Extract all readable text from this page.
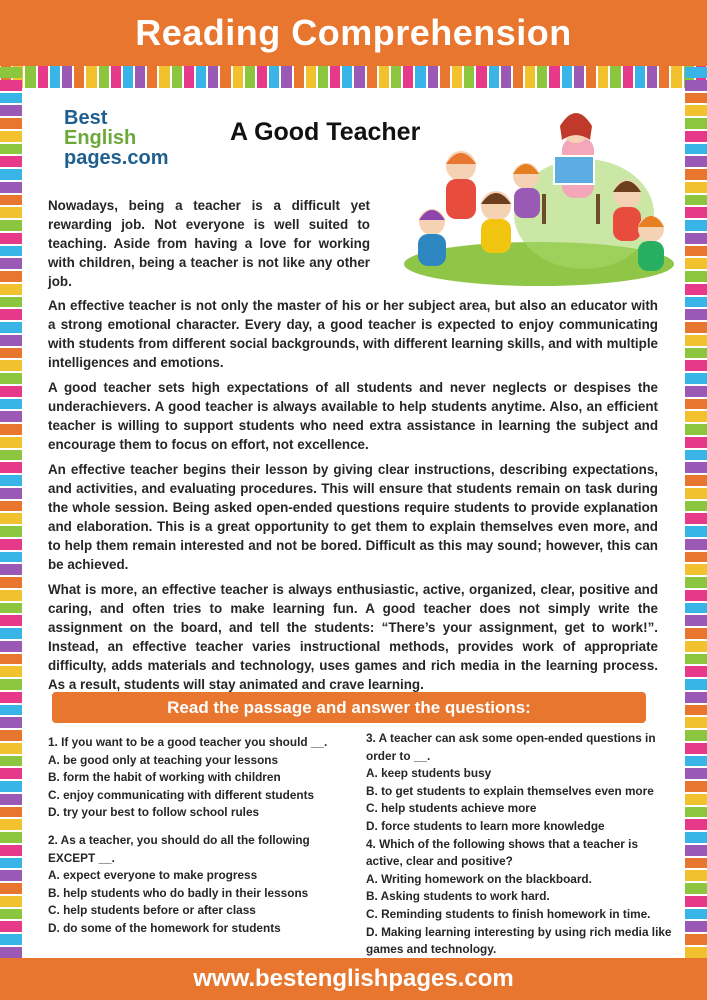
Reading Comprehension
Best
English
pages.com
A Good Teacher
Nowadays, being a teacher is a difficult yet rewarding job. Not everyone is well suited to teaching. Aside from having a love for working with children, being a teacher is not like any other job.
An effective teacher is not only the master of his or her subject area, but also an educator with a strong emotional character. Every day, a good teacher is expected to enjoy communicating with students from different social backgrounds, with different learning skills, and with multiple intelligences and emotions.
A good teacher sets high expectations of all students and never neglects or despises the underachievers. A good teacher is always available to help students anytime. Also, an efficient teacher is willing to support students who need extra assistance in learning the subject and encourage them to focus on effort, not excellence.
An effective teacher begins their lesson by giving clear instructions, describing expectations, and activities, and evaluating procedures. This will ensure that students remain on task during the whole session. Being asked open-ended questions require students to provide explanation and elaboration. This is a great opportunity to get them to explain themselves even more, and to help them remain interested and not be bored. Difficult as this may sound; however, this can be achieved.
What is more, an effective teacher is always enthusiastic, active, organized, clear, positive and caring, and often tries to make learning fun. A good teacher does not simply write the assignment on the board, and tell the students: “There’s your assignment, get to work!”. Instead, an effective teacher varies instructional methods, provides work of appropriate difficulty, adds materials and technology, uses games and rich media in the learning process. As a result, students will stay animated and crave learning.
Read the passage and answer the questions:

1. If you want to be a good teacher you should __.

A. be good only at teaching your lessons

B. form the habit of working with children

C. enjoy communicating with different students

D. try your best to follow school rules

2. As a teacher, you should do all the following EXCEPT __.

A. expect everyone to make progress

B. help students who do badly in their lessons

C. help students before or after class

D. do some of the homework for students

3. A teacher can ask some open-ended questions in order to __.

A. keep students busy

B. to get students to explain themselves even more

C. help students achieve more

D. force students to learn more knowledge

4. Which of the following shows that a teacher is active, clear and positive?

A. Writing homework on the blackboard.

B. Asking students to work hard.

C. Reminding students to finish homework in time.

D. Making learning interesting by using rich media like games and technology.

www.bestenglishpages.com
